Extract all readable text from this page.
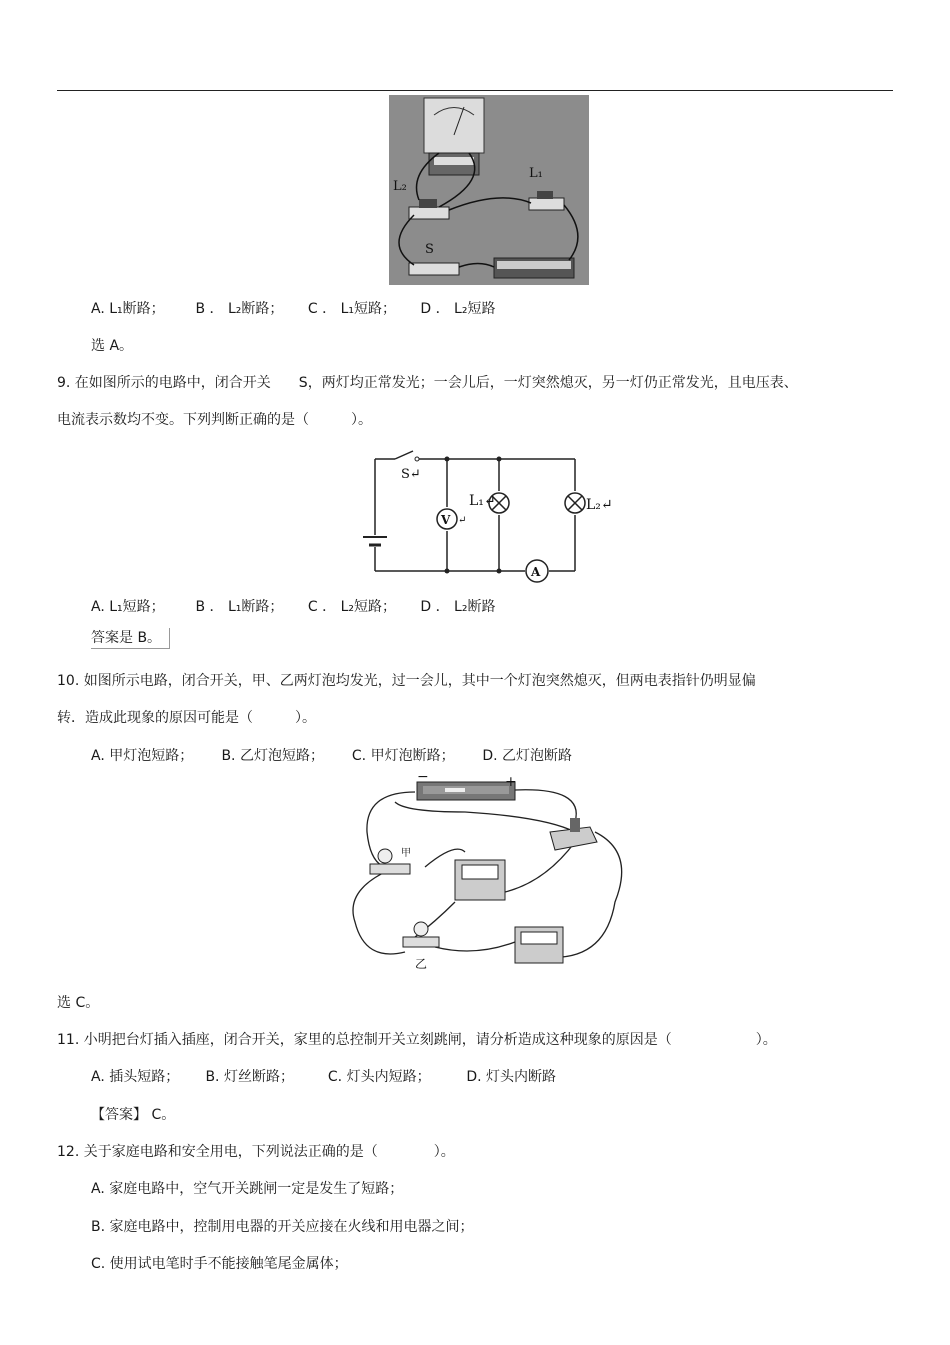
L₂
L₁
S
A. L₁断路； B ． L₂断路； C ． L₁短路； D ． L₂短路
选 A。
9. 在如图所示的电路中，闭合开关　　S，两灯均正常发光；一会儿后，一灯突然熄灭，另一灯仍正常发光，且电压表、
电流表示数均不变。下列判断正确的是（　　　）。
S↵
V ↵
L₁↵	L₂↵
A
A. L₁短路； B ． L₁断路； C ． L₂短路； D ． L₂断路
答案是 B。
10. 如图所示电路，闭合开关，甲、乙两灯泡均发光，过一会儿，其中一个灯泡突然熄灭，但两电表指针仍明显偏
转．造成此现象的原因可能是（　　　）。
A. 甲灯泡短路； B. 乙灯泡短路； C. 甲灯泡断路； D. 乙灯泡断路
−	+
甲
乙
选 C。
11. 小明把台灯插入插座，闭合开关，家里的总控制开关立刻跳闸，请分析造成这种现象的原因是（　　　　　　）。
A. 插头短路； B. 灯丝断路； C. 灯头内短路；	D. 灯头内断路
【答案】 C。
12. 关于家庭电路和安全用电，下列说法正确的是（　　　　）。
A. 家庭电路中，空气开关跳闸一定是发生了短路；
B. 家庭电路中，控制用电器的开关应接在火线和用电器之间；
C. 使用试电笔时手不能接触笔尾金属体；
